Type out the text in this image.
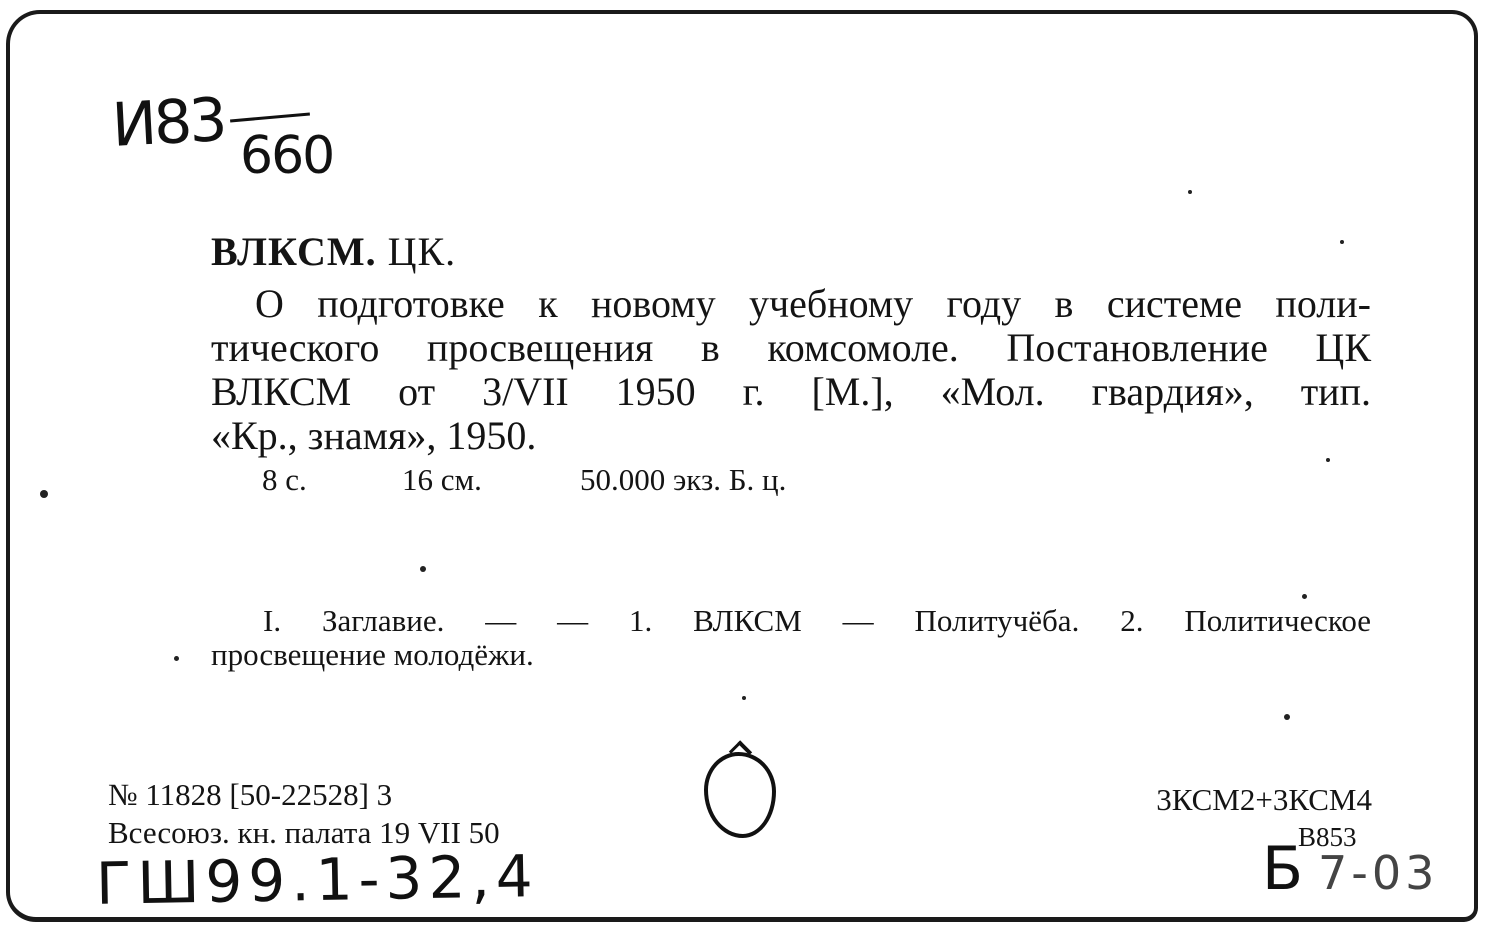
И83 660
ВЛКСМ. ЦК.
О подготовке к новому учебному году в системе поли-
тического просвещения в комсомоле. Постановление ЦК
ВЛКСМ от 3/VII 1950 г. [М.], «Мол. гвардия», тип.
«Кр., знамя», 1950.
8 с.	16 см.	50.000 экз. Б. ц.
I. Заглавие. — — 1. ВЛКСМ — Политучёба. 2. Политическое
просвещение молодёжи.
№ 11828 [50-22528] 3
Всесоюз. кн. палата 19 VII 50
3КСМ2+3КСМ4
В853
ГШ99.1-32,4	Б 7-03
